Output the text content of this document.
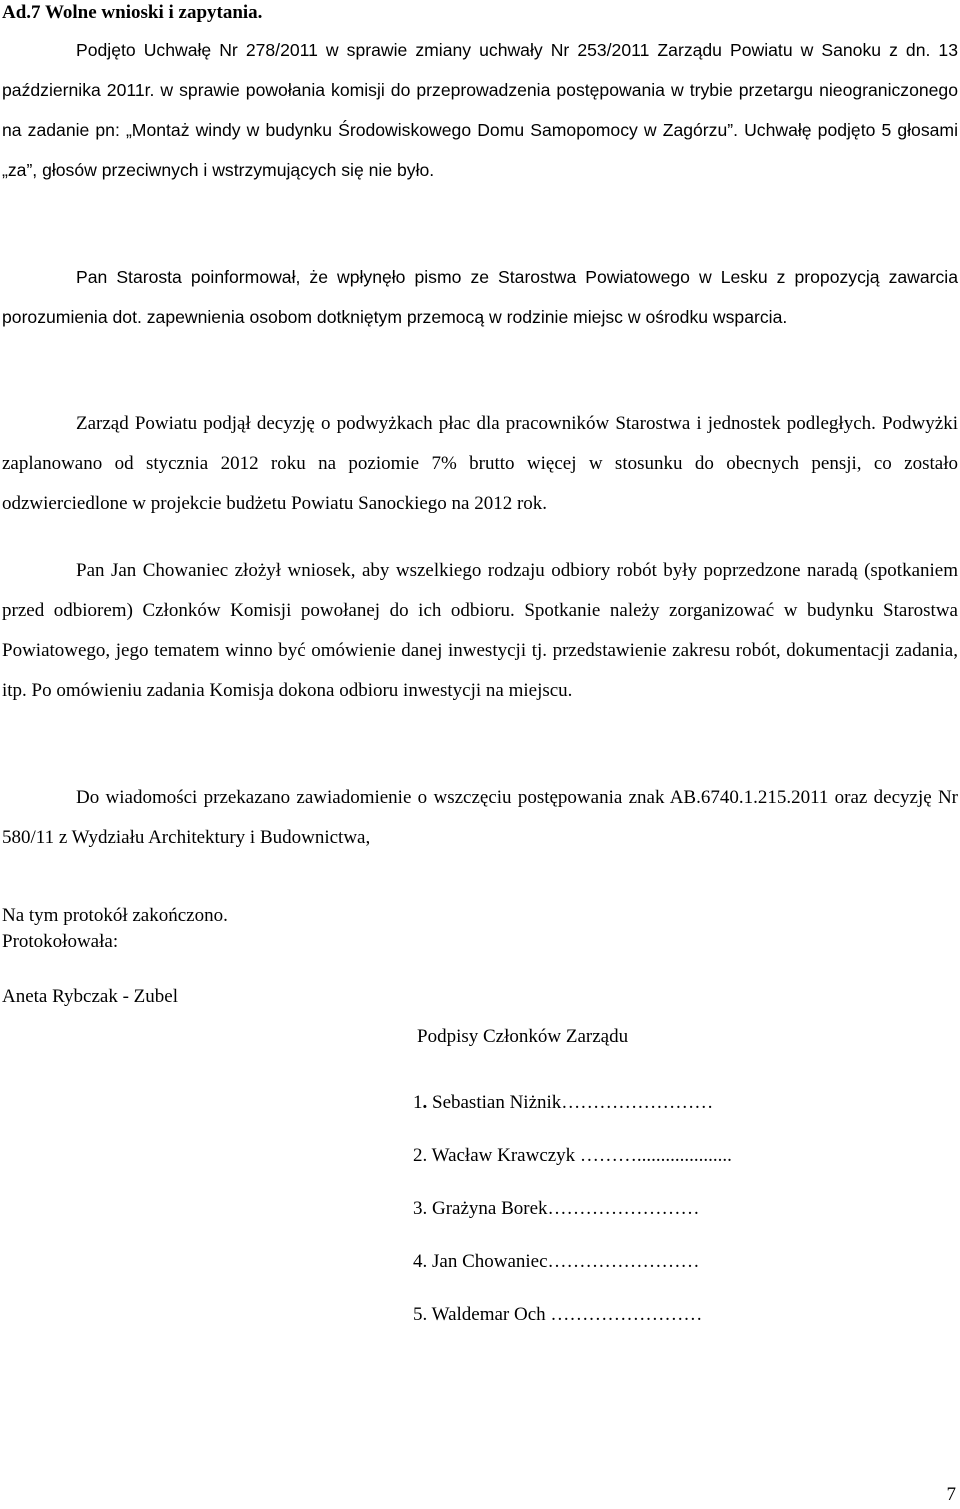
Ad.7 Wolne wnioski i zapytania.

Podjęto Uchwałę Nr 278/2011 w sprawie zmiany uchwały Nr 253/2011 Zarządu Powiatu w Sanoku z dn. 13 października 2011r. w sprawie powołania komisji do przeprowadzenia postępowania w trybie przetargu nieograniczonego na zadanie pn: „Montaż windy w budynku Środowiskowego Domu Samopomocy w Zagórzu”. Uchwałę podjęto 5 głosami „za”, głosów przeciwnych i wstrzymujących się nie było.

Pan Starosta poinformował, że wpłynęło pismo ze Starostwa Powiatowego w Lesku z propozycją zawarcia porozumienia dot. zapewnienia osobom dotkniętym przemocą w rodzinie miejsc w ośrodku wsparcia.

Zarząd Powiatu podjął decyzję o podwyżkach płac dla pracowników Starostwa i jednostek podległych. Podwyżki zaplanowano od stycznia 2012 roku na poziomie 7% brutto więcej w stosunku do obecnych pensji, co zostało odzwierciedlone w projekcie budżetu Powiatu Sanockiego na 2012 rok.

Pan Jan Chowaniec złożył wniosek, aby wszelkiego rodzaju odbiory robót były poprzedzone naradą (spotkaniem przed odbiorem) Członków Komisji powołanej do ich odbioru. Spotkanie należy zorganizować w budynku Starostwa Powiatowego, jego tematem winno być omówienie danej inwestycji tj. przedstawienie zakresu robót, dokumentacji zadania, itp. Po omówieniu zadania Komisja dokona odbioru inwestycji na miejscu.

Do wiadomości przekazano zawiadomienie o wszczęciu postępowania znak AB.6740.1.215.2011 oraz decyzję Nr 580/11 z Wydziału Architektury i Budownictwa,

Na tym protokół zakończono.
Protokołowała:
Aneta Rybczak - Zubel
Podpisy Członków Zarządu
1. Sebastian Niżnik……………………
2. Wacław Krawczyk ………....................
3. Grażyna Borek……………………
4. Jan Chowaniec……………………
5. Waldemar Och ……………………
7
